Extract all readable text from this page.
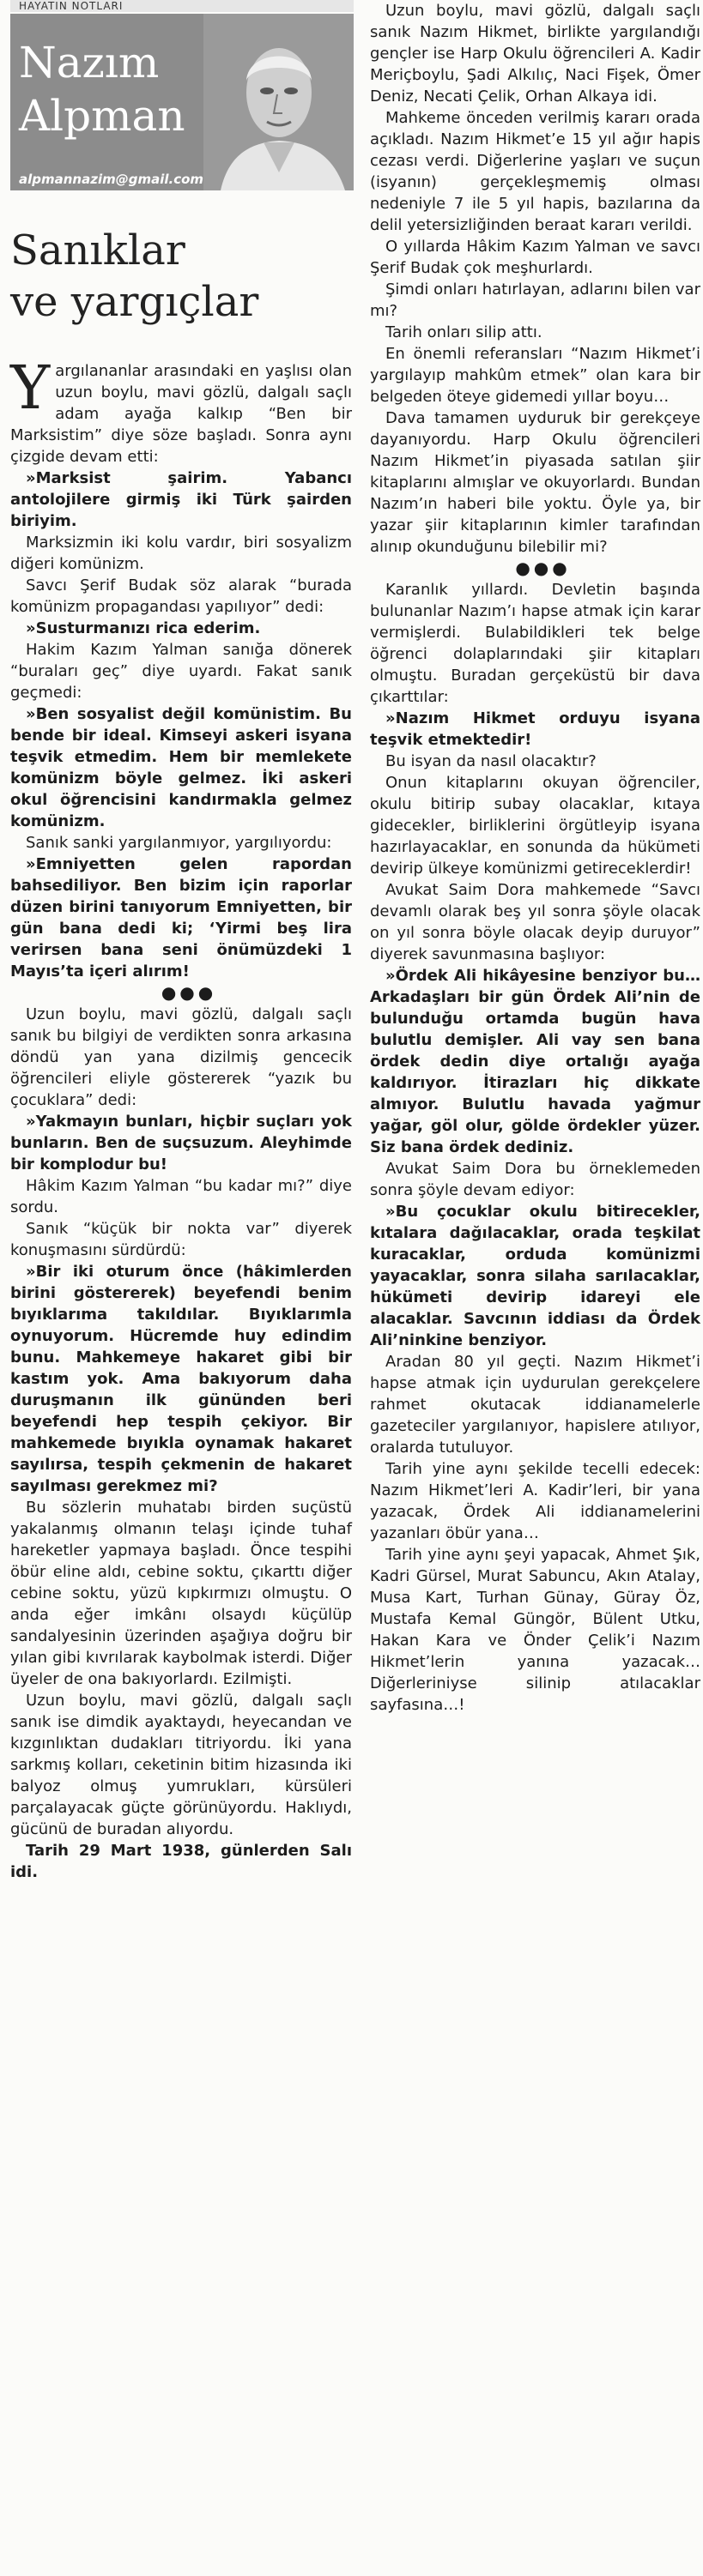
HAYATIN NOTLARI
Nazım
Alpman
alpmannazim@gmail.com
Sanıklar
ve yargıçlar

Yargılananlar arasındaki en yaşlısı olan uzun boylu, mavi gözlü, dalgalı saçlı adam ayağa kalkıp “Ben bir Marksistim” diye söze başladı. Sonra aynı çizgide devam etti:

»Marksist şairim. Yabancı antolojilere girmiş iki Türk şairden biriyim.

Marksizmin iki kolu vardır, biri sosyalizm diğeri komünizm.

Savcı Şerif Budak söz alarak “burada komünizm propagandası yapılıyor” dedi:

»Susturmanızı rica ederim.

Hakim Kazım Yalman sanığa dönerek “buraları geç” diye uyardı. Fakat sanık geçmedi:

»Ben sosyalist değil komünistim. Bu bende bir ideal. Kimseyi askeri isyana teşvik etmedim. Hem bir memlekete komünizm böyle gelmez. İki askeri okul öğrencisini kandırmakla gelmez komünizm.

Sanık sanki yargılanmıyor, yargılıyordu:

»Emniyetten gelen rapordan bahsediliyor. Ben bizim için raporlar düzen birini tanıyorum Emniyetten, bir gün bana dedi ki; ‘Yirmi beş lira verirsen bana seni önümüzdeki 1 Mayıs’ta içeri alırım!

●●●

Uzun boylu, mavi gözlü, dalgalı saçlı sanık bu bilgiyi de verdikten sonra arkasına döndü yan yana dizilmiş gencecik öğrencileri eliyle göstererek “yazık bu çocuklara” dedi:

»Yakmayın bunları, hiçbir suçları yok bunların. Ben de suçsuzum. Aleyhimde bir komplodur bu!

Hâkim Kazım Yalman “bu kadar mı?” diye sordu.

Sanık “küçük bir nokta var” diyerek konuşmasını sürdürdü:

»Bir iki oturum önce (hâkimlerden birini göstererek) beyefendi benim bıyıklarıma takıldılar. Bıyıklarımla oynuyorum. Hücremde huy edindim bunu. Mahkemeye hakaret gibi bir kastım yok. Ama bakıyorum daha duruşmanın ilk gününden beri beyefendi hep tespih çekiyor. Bir mahkemede bıyıkla oynamak hakaret sayılırsa, tespih çekmenin de hakaret sayılması gerekmez mi?

Bu sözlerin muhatabı birden suçüstü yakalanmış olmanın telaşı içinde tuhaf hareketler yapmaya başladı. Önce tespihi öbür eline aldı, cebine soktu, çıkarttı diğer cebine soktu, yüzü kıpkırmızı olmuştu. O anda eğer imkânı olsaydı küçülüp sandalyesinin üzerinden aşağıya doğru bir yılan gibi kıvrılarak kaybolmak isterdi. Diğer üyeler de ona bakıyorlardı. Ezilmişti.

Uzun boylu, mavi gözlü, dalgalı saçlı sanık ise dimdik ayaktaydı, heyecandan ve kızgınlıktan dudakları titriyordu. İki yana sarkmış kolları, ceketinin bitim hizasında iki balyoz olmuş yumrukları, kürsüleri parçalayacak güçte görünüyordu. Haklıydı, gücünü de buradan alıyordu.

Tarih 29 Mart 1938, günlerden Salı idi.

Uzun boylu, mavi gözlü, dalgalı saçlı sanık Nazım Hikmet, birlikte yargılandığı gençler ise Harp Okulu öğrencileri A. Kadir Meriçboylu, Şadi Alkılıç, Naci Fişek, Ömer Deniz, Necati Çelik, Orhan Alkaya idi.

Mahkeme önceden verilmiş kararı orada açıkladı. Nazım Hikmet’e 15 yıl ağır hapis cezası verdi. Diğerlerine yaşları ve suçun (isyanın) gerçekleşmemiş olması nedeniyle 7 ile 5 yıl hapis, bazılarına da delil yetersizliğinden beraat kararı verildi.

O yıllarda Hâkim Kazım Yalman ve savcı Şerif Budak çok meşhurlardı.

Şimdi onları hatırlayan, adlarını bilen var mı?

Tarih onları silip attı.

En önemli referansları “Nazım Hikmet’i yargılayıp mahkûm etmek” olan kara bir belgeden öteye gidemedi yıllar boyu…

Dava tamamen uyduruk bir gerekçeye dayanıyordu. Harp Okulu öğrencileri Nazım Hikmet’in piyasada satılan şiir kitaplarını almışlar ve okuyorlardı. Bundan Nazım’ın haberi bile yoktu. Öyle ya, bir yazar şiir kitaplarının kimler tarafından alınıp okunduğunu bilebilir mi?

●●●

Karanlık yıllardı. Devletin başında bulunanlar Nazım’ı hapse atmak için karar vermişlerdi. Bulabildikleri tek belge öğrenci dolaplarındaki şiir kitapları olmuştu. Buradan gerçeküstü bir dava çıkarttılar:

»Nazım Hikmet orduyu isyana teşvik etmektedir!

Bu isyan da nasıl olacaktır?

Onun kitaplarını okuyan öğrenciler, okulu bitirip subay olacaklar, kıtaya gidecekler, birliklerini örgütleyip isyana hazırlayacaklar, en sonunda da hükümeti devirip ülkeye komünizmi getireceklerdir!

Avukat Saim Dora mahkemede “Savcı devamlı olarak beş yıl sonra şöyle olacak on yıl sonra böyle olacak deyip duruyor” diyerek savunmasına başlıyor:

»Ördek Ali hikâyesine benziyor bu… Arkadaşları bir gün Ördek Ali’nin de bulunduğu ortamda bugün hava bulutlu demişler. Ali vay sen bana ördek dedin diye ortalığı ayağa kaldırıyor. İtirazları hiç dikkate almıyor. Bulutlu havada yağmur yağar, göl olur, gölde ördekler yüzer. Siz bana ördek dediniz.

Avukat Saim Dora bu örneklemeden sonra şöyle devam ediyor:

»Bu çocuklar okulu bitirecekler, kıtalara dağılacaklar, orada teşkilat kuracaklar, orduda komünizmi yayacaklar, sonra silaha sarılacaklar, hükümeti devirip idareyi ele alacaklar. Savcının iddiası da Ördek Ali’ninkine benziyor.

Aradan 80 yıl geçti. Nazım Hikmet’i hapse atmak için uydurulan gerekçelere rahmet okutacak iddianamelerle gazeteciler yargılanıyor, hapislere atılıyor, oralarda tutuluyor.

Tarih yine aynı şekilde tecelli edecek: Nazım Hikmet’leri A. Kadir’leri, bir yana yazacak, Ördek Ali iddianamelerini yazanları öbür yana…

Tarih yine aynı şeyi yapacak, Ahmet Şık, Kadri Gürsel, Murat Sabuncu, Akın Atalay, Musa Kart, Turhan Günay, Güray Öz, Mustafa Kemal Güngör, Bülent Utku, Hakan Kara ve Önder Çelik’i Nazım Hikmet’lerin yanına yazacak… Diğerleriniyse silinip atılacaklar sayfasına…!
